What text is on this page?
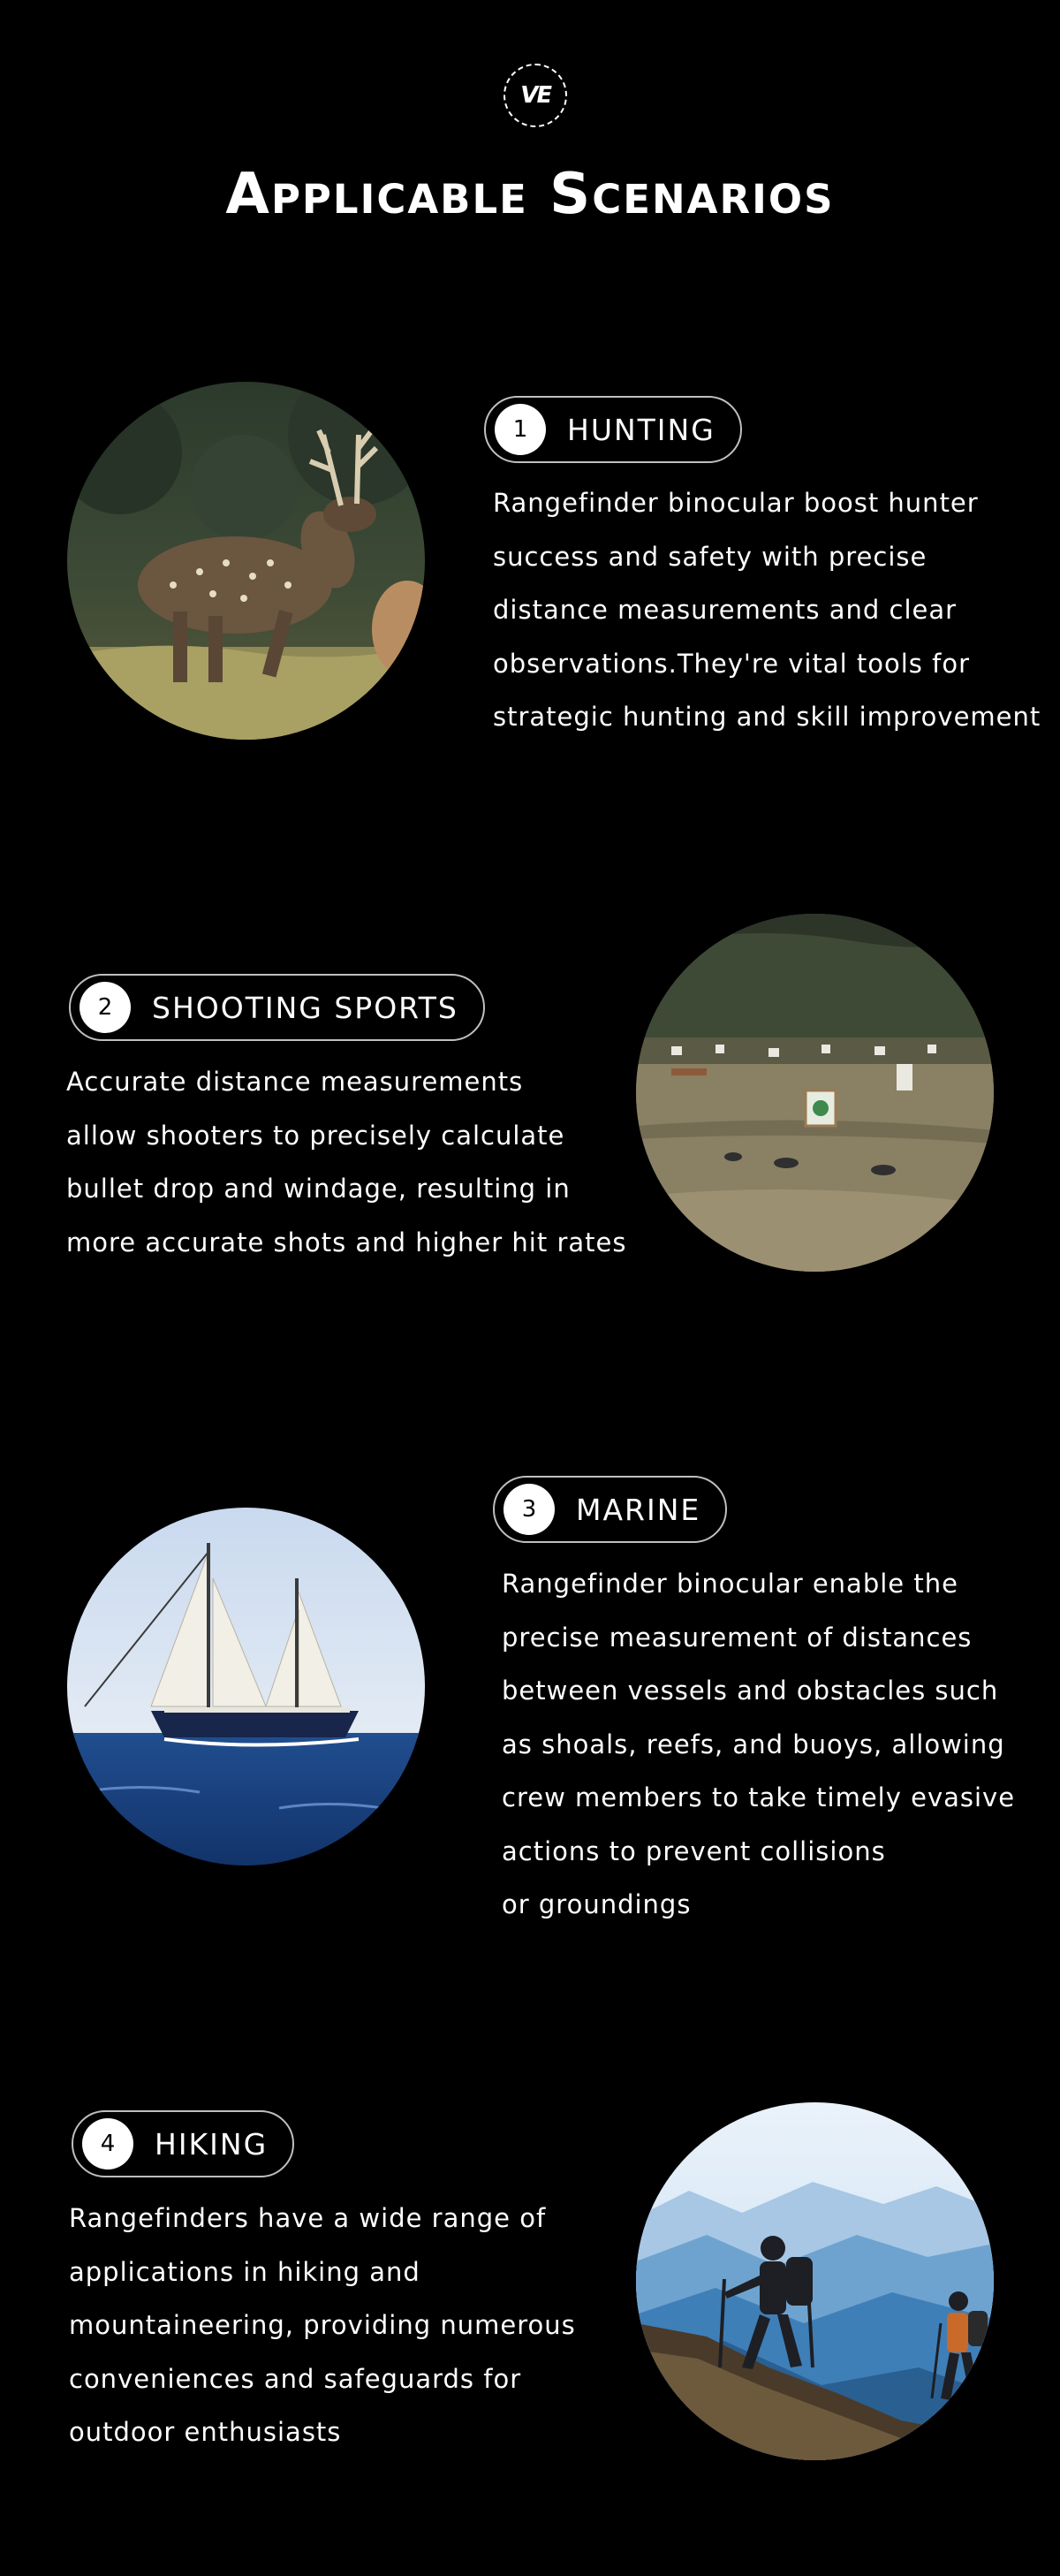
VE
Applicable Scenarios
1	HUNTING

Rangefinder binocular boost hunter
success and safety with precise
distance measurements and clear
observations.They're vital tools for
strategic hunting and skill improvement

2	SHOOTING SPORTS

Accurate distance measurements
allow shooters to precisely calculate
bullet drop and windage, resulting in
more accurate shots and higher hit rates

3	MARINE

Rangefinder binocular enable the
precise measurement of distances
between vessels and obstacles such
as shoals, reefs, and buoys, allowing
crew members to take timely evasive
actions to prevent collisions
or groundings

4	HIKING

Rangefinders have a wide range of
applications in hiking and
mountaineering, providing numerous
conveniences and safeguards for
outdoor enthusiasts
